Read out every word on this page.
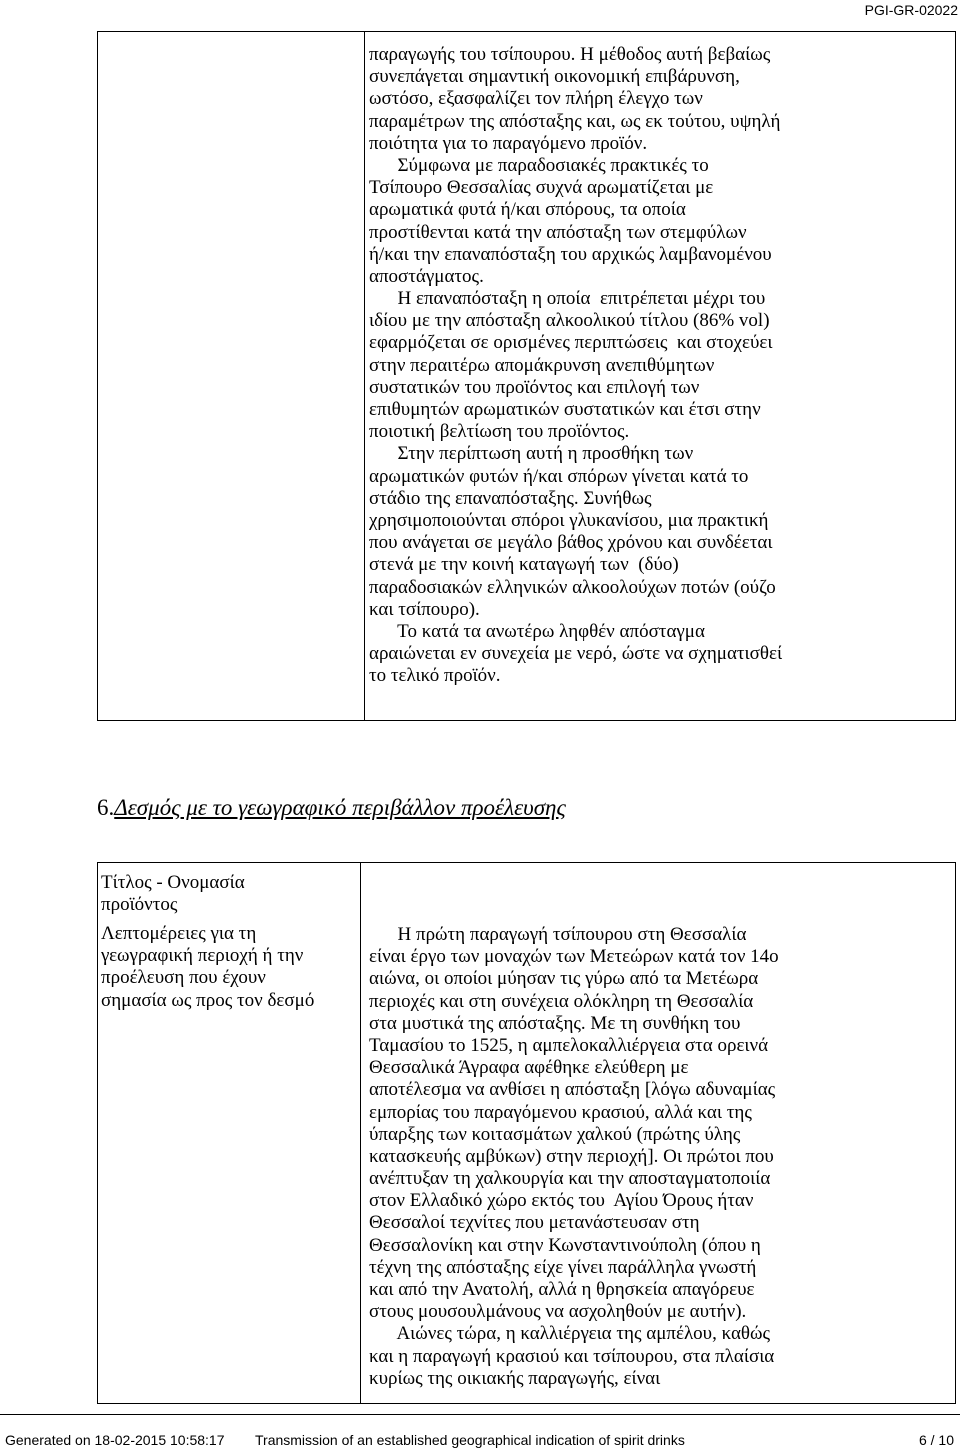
PGI-GR-02022
παραγωγής του τσίπουρου. Η μέθοδος αυτή βεβαίως
συνεπάγεται σημαντική οικονομική επιβάρυνση,
ωστόσο, εξασφαλίζει τον πλήρη έλεγχο των
παραμέτρων της απόσταξης και, ως εκ τούτου, υψηλή
ποιότητα για το παραγόμενο προϊόν.
Σύμφωνα με παραδοσιακές πρακτικές το
Τσίπουρο Θεσσαλίας συχνά αρωματίζεται με
αρωματικά φυτά ή/και σπόρους, τα οποία
προστίθενται κατά την απόσταξη των στεμφύλων
ή/και την επαναπόσταξη του αρχικώς λαμβανομένου
αποστάγματος.
Η επαναπόσταξη η οποία  επιτρέπεται μέχρι του
ιδίου με την απόσταξη αλκοολικού τίτλου (86% vol)
εφαρμόζεται σε ορισμένες περιπτώσεις  και στοχεύει
στην περαιτέρω απομάκρυνση ανεπιθύμητων
συστατικών του προϊόντος και επιλογή των
επιθυμητών αρωματικών συστατικών και έτσι στην
ποιοτική βελτίωση του προϊόντος.
Στην περίπτωση αυτή η προσθήκη των
αρωματικών φυτών ή/και σπόρων γίνεται κατά το
στάδιο της επαναπόσταξης. Συνήθως
χρησιμοποιούνται σπόροι γλυκανίσου, μια πρακτική
που ανάγεται σε μεγάλο βάθος χρόνου και συνδέεται
στενά με την κοινή καταγωγή των  (δύο)
παραδοσιακών ελληνικών αλκοολούχων ποτών (ούζο
και τσίπουρο).
Το κατά τα ανωτέρω ληφθέν απόσταγμα
αραιώνεται εν συνεχεία με νερό, ώστε να σχηματισθεί
το τελικό προϊόν.
6.Δεσμός με το γεωγραφικό περιβάλλον προέλευσης
Τίτλος - Ονομασία
προϊόντος
Λεπτομέρειες για τη
γεωγραφική περιοχή ή την
προέλευση που έχουν
σημασία ως προς τον δεσμό
Η πρώτη παραγωγή τσίπουρου στη Θεσσαλία
είναι έργο των μοναχών των Μετεώρων κατά τον 14ο
αιώνα, οι οποίοι μύησαν τις γύρω από τα Μετέωρα
περιοχές και στη συνέχεια ολόκληρη τη Θεσσαλία
στα μυστικά της απόσταξης. Με τη συνθήκη του
Ταμασίου το 1525, η αμπελοκαλλιέργεια στα ορεινά
Θεσσαλικά Άγραφα αφέθηκε ελεύθερη με
αποτέλεσμα να ανθίσει η απόσταξη [λόγω αδυναμίας
εμπορίας του παραγόμενου κρασιού, αλλά και της
ύπαρξης των κοιτασμάτων χαλκού (πρώτης ύλης
κατασκευής αμβύκων) στην περιοχή]. Οι πρώτοι που
ανέπτυξαν τη χαλκουργία και την αποσταγματοποιία
στον Ελλαδικό χώρο εκτός του  Αγίου Όρους ήταν
Θεσσαλοί τεχνίτες που μετανάστευσαν στη
Θεσσαλονίκη και στην Κωνσταντινούπολη (όπου η
τέχνη της απόσταξης είχε γίνει παράλληλα γνωστή
και από την Ανατολή, αλλά η θρησκεία απαγόρευε
στους μουσουλμάνους να ασχοληθούν με αυτήν).
Αιώνες τώρα, η καλλιέργεια της αμπέλου, καθώς
και η παραγωγή κρασιού και τσίπουρου, στα πλαίσια
κυρίως της οικιακής παραγωγής, είναι
Generated on 18-02-2015 10:58:17 Transmission of an established geographical indication of spirit drinks	6 / 10
